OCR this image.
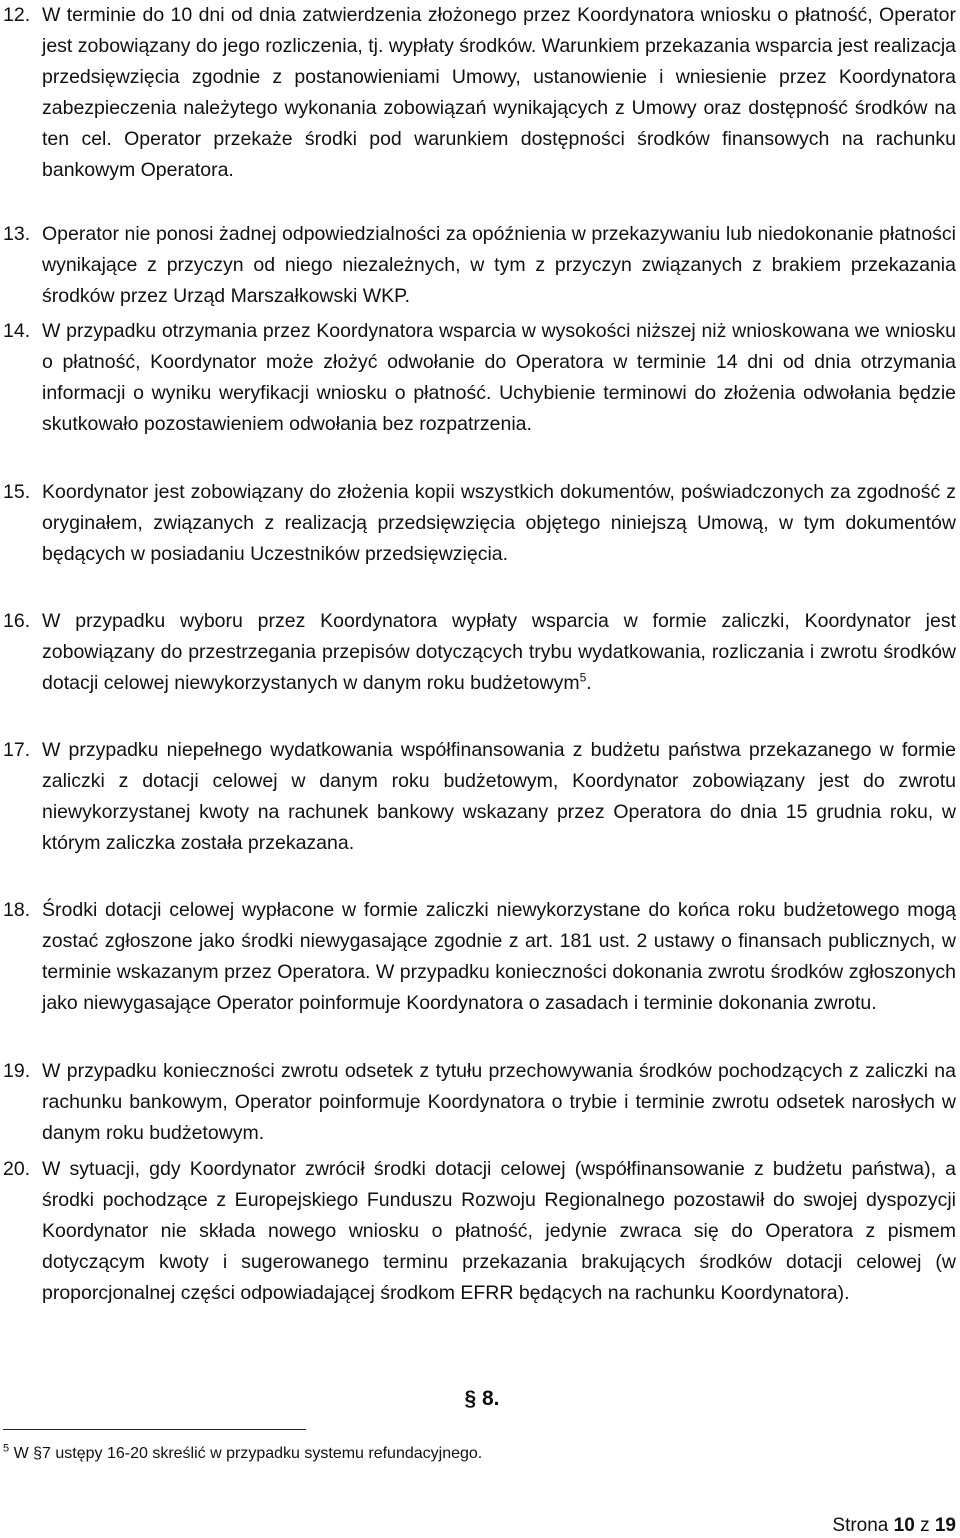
12. W terminie do 10 dni od dnia zatwierdzenia złożonego przez Koordynatora wniosku o płatność, Operator jest zobowiązany do jego rozliczenia, tj. wypłaty środków. Warunkiem przekazania wsparcia jest realizacja przedsięwzięcia zgodnie z postanowieniami Umowy, ustanowienie i wniesienie przez Koordynatora zabezpieczenia należytego wykonania zobowiązań wynikających z Umowy oraz dostępność środków na ten cel. Operator przekaże środki pod warunkiem dostępności środków finansowych na rachunku bankowym Operatora.
13. Operator nie ponosi żadnej odpowiedzialności za opóźnienia w przekazywaniu lub niedokonanie płatności wynikające z przyczyn od niego niezależnych, w tym z przyczyn związanych z brakiem przekazania środków przez Urząd Marszałkowski WKP.
14. W przypadku otrzymania przez Koordynatora wsparcia w wysokości niższej niż wnioskowana we wniosku o płatność, Koordynator może złożyć odwołanie do Operatora w terminie 14 dni od dnia otrzymania informacji o wyniku weryfikacji wniosku o płatność. Uchybienie terminowi do złożenia odwołania będzie skutkowało pozostawieniem odwołania bez rozpatrzenia.
15. Koordynator jest zobowiązany do złożenia kopii wszystkich dokumentów, poświadczonych za zgodność z oryginałem, związanych z realizacją przedsięwzięcia objętego niniejszą Umową, w tym dokumentów będących w posiadaniu Uczestników przedsięwzięcia.
16. W przypadku wyboru przez Koordynatora wypłaty wsparcia w formie zaliczki, Koordynator jest zobowiązany do przestrzegania przepisów dotyczących trybu wydatkowania, rozliczania i zwrotu środków dotacji celowej niewykorzystanych w danym roku budżetowym$^5$.
17. W przypadku niepełnego wydatkowania współfinansowania z budżetu państwa przekazanego w formie zaliczki z dotacji celowej w danym roku budżetowym, Koordynator zobowiązany jest do zwrotu niewykorzystanej kwoty na rachunek bankowy wskazany przez Operatora do dnia 15 grudnia roku, w którym zaliczka została przekazana.
18. Środki dotacji celowej wypłacone w formie zaliczki niewykorzystane do końca roku budżetowego mogą zostać zgłoszone jako środki niewygasające zgodnie z art. 181 ust. 2 ustawy o finansach publicznych, w terminie wskazanym przez Operatora. W przypadku konieczności dokonania zwrotu środków zgłoszonych jako niewygasające Operator poinformuje Koordynatora o zasadach i terminie dokonania zwrotu.
19. W przypadku konieczności zwrotu odsetek z tytułu przechowywania środków pochodzących z zaliczki na rachunku bankowym, Operator poinformuje Koordynatora o trybie i terminie zwrotu odsetek narosłych w danym roku budżetowym.
20. W sytuacji, gdy Koordynator zwrócił środki dotacji celowej (współfinansowanie z budżetu państwa), a środki pochodzące z Europejskiego Funduszu Rozwoju Regionalnego pozostawił do swojej dyspozycji Koordynator nie składa nowego wniosku o płatność, jedynie zwraca się do Operatora z pismem dotyczącym kwoty i sugerowanego terminu przekazania brakujących środków dotacji celowej (w proporcjonalnej części odpowiadającej środkom EFRR będących na rachunku Koordynatora).
§ 8.
$^5$ W §7 ustępy 16-20 skreślić w przypadku systemu refundacyjnego.
Strona 10 z 19
